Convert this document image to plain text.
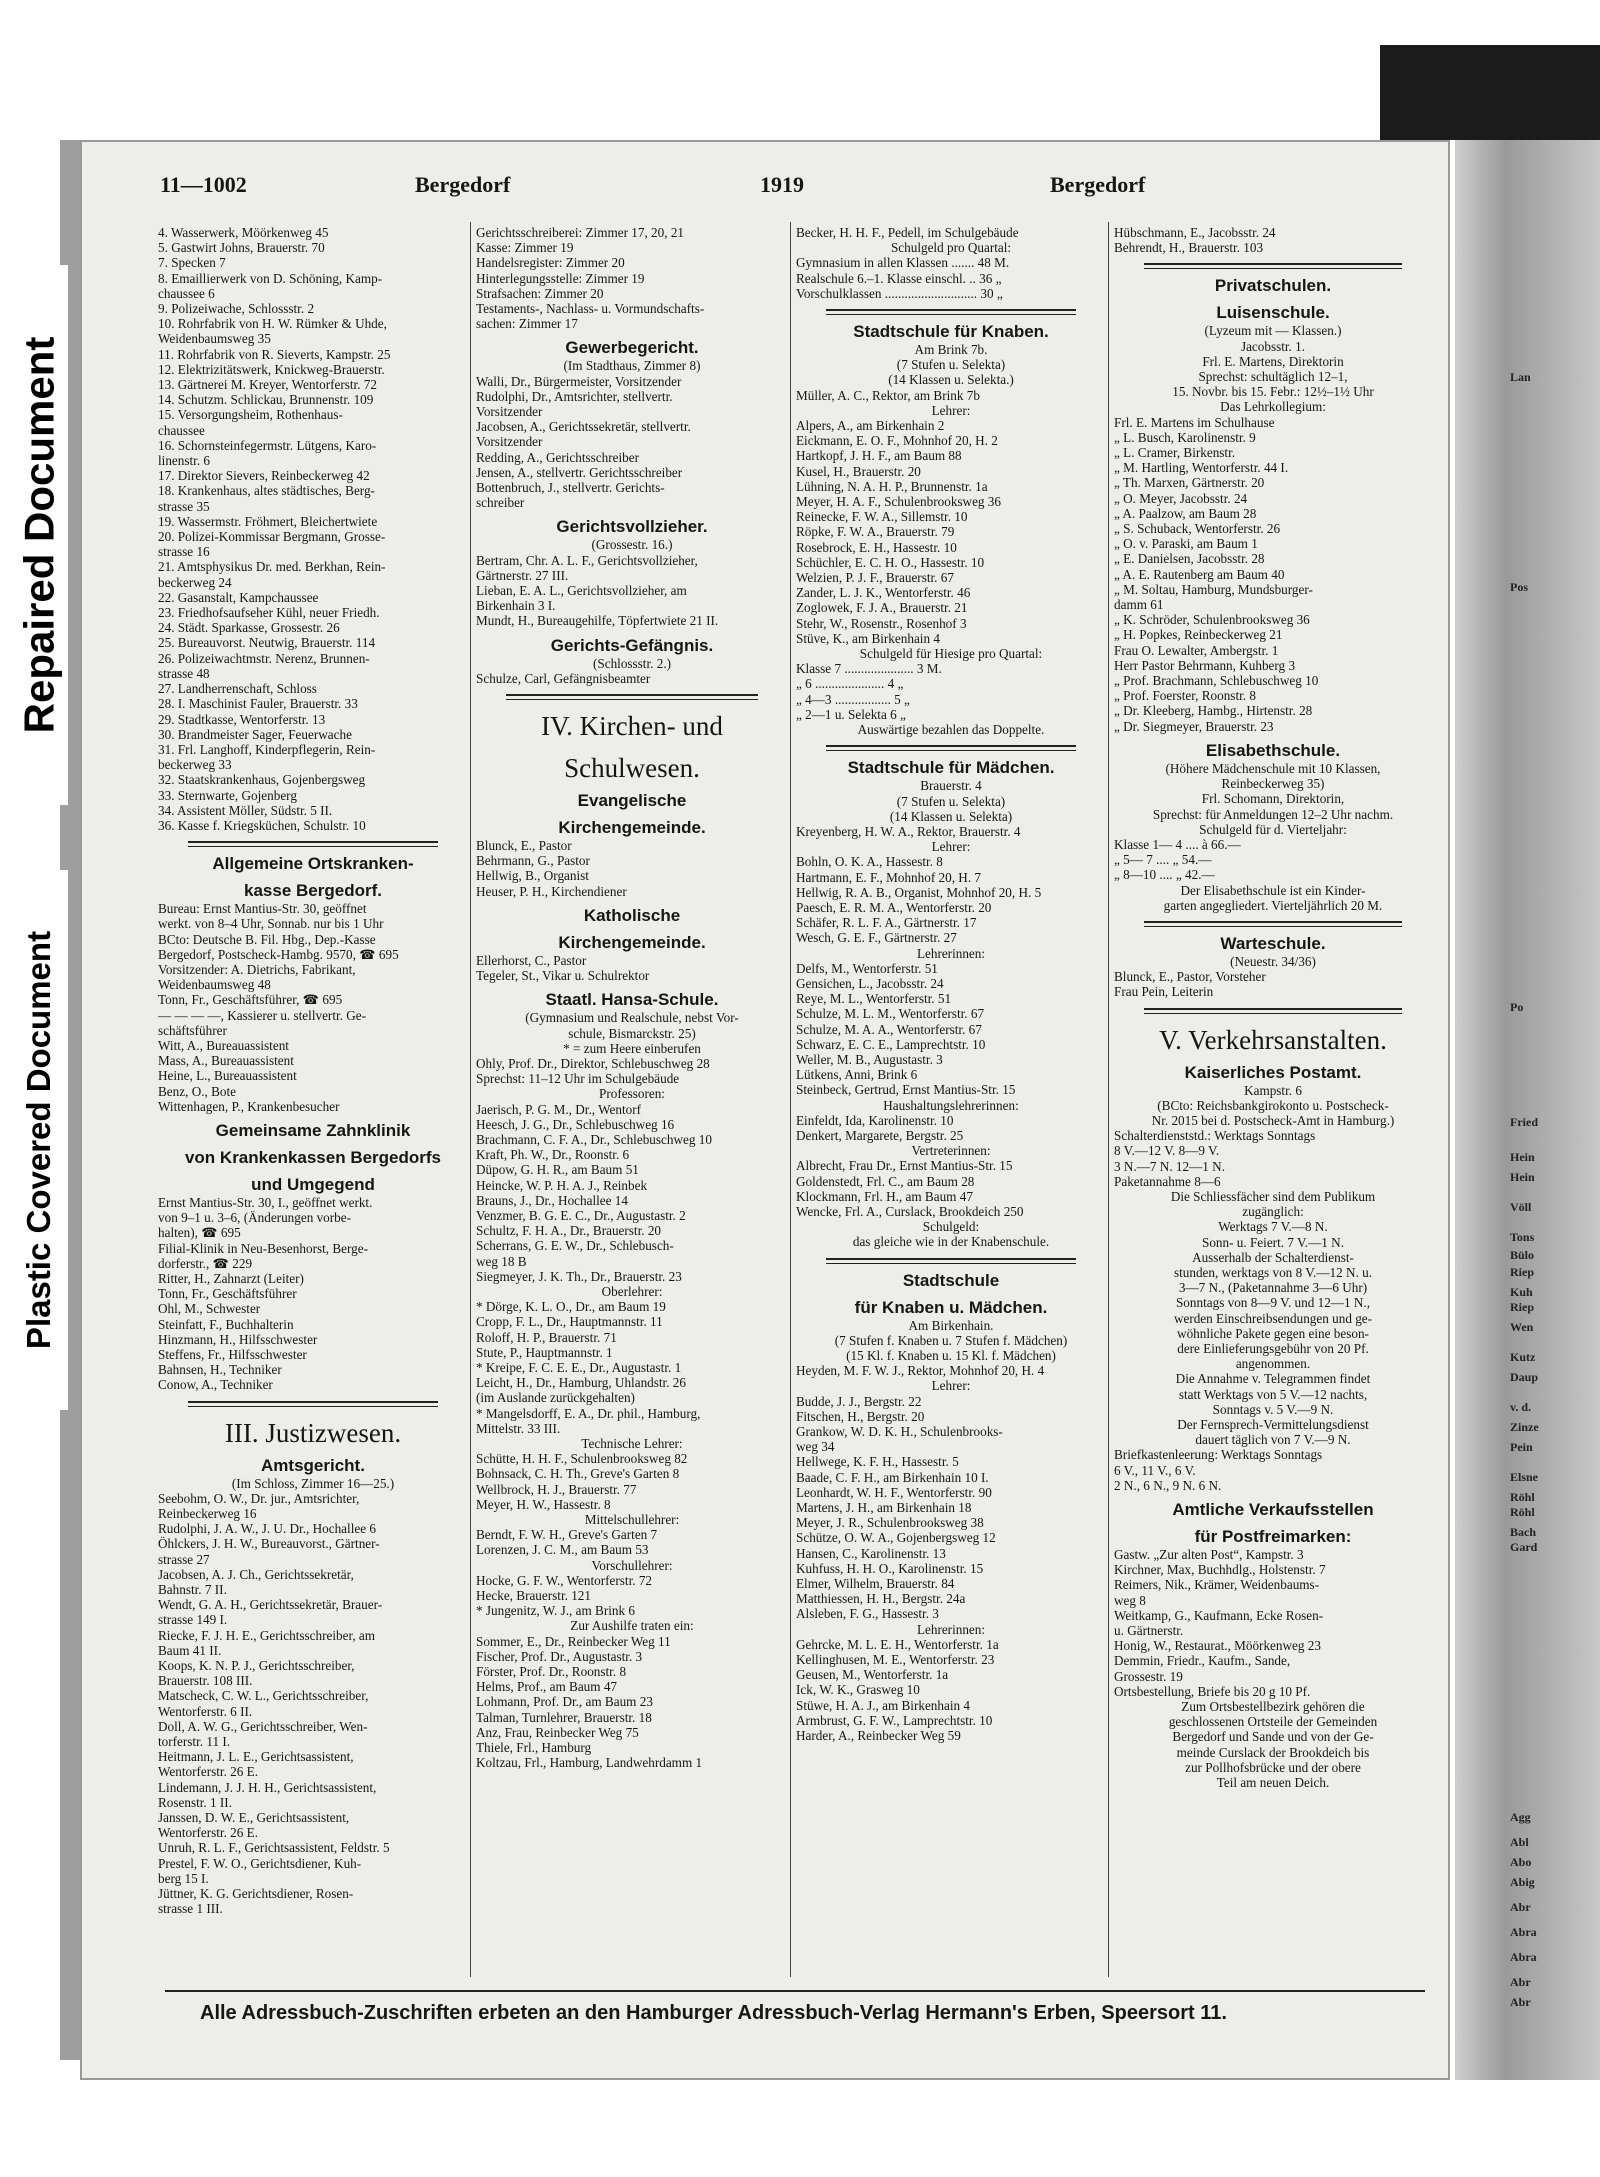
Repaired Document
Plastic Covered Document
11—1002	Bergedorf	1919	Bergedorf
4. Wasserwerk, Möörkenweg 45
5. Gastwirt Johns, Brauerstr. 70
7. Specken 7
8. Emaillierwerk von D. Schöning, Kamp-
chaussee 6
9. Polizeiwache, Schlossstr. 2
10. Rohrfabrik von H. W. Rümker & Uhde,
Weidenbaumsweg 35
11. Rohrfabrik von R. Sieverts, Kampstr. 25
12. Elektrizitätswerk, Knickweg-Brauerstr.
13. Gärtnerei M. Kreyer, Wentorferstr. 72
14. Schutzm. Schlickau, Brunnenstr. 109
15. Versorgungsheim, Rothenhaus-
chaussee
16. Schornsteinfegermstr. Lütgens, Karo-
linenstr. 6
17. Direktor Sievers, Reinbeckerweg 42
18. Krankenhaus, altes städtisches, Berg-
strasse 35
19. Wassermstr. Fröhmert, Bleichertwiete
20. Polizei-Kommissar Bergmann, Grosse-
strasse 16
21. Amtsphysikus Dr. med. Berkhan, Rein-
beckerweg 24
22. Gasanstalt, Kampchaussee
23. Friedhofsaufseher Kühl, neuer Friedh.
24. Städt. Sparkasse, Grossestr. 26
25. Bureauvorst. Neutwig, Brauerstr. 114
26. Polizeiwachtmstr. Nerenz, Brunnen-
strasse 48
27. Landherrenschaft, Schloss
28. I. Maschinist Fauler, Brauerstr. 33
29. Stadtkasse, Wentorferstr. 13
30. Brandmeister Sager, Feuerwache
31. Frl. Langhoff, Kinderpflegerin, Rein-
beckerweg 33
32. Staatskrankenhaus, Gojenbergsweg
33. Sternwarte, Gojenberg
34. Assistent Möller, Südstr. 5 II.
36. Kasse f. Kriegsküchen, Schulstr. 10
Allgemeine Ortskranken-
kasse Bergedorf.
Bureau: Ernst Mantius-Str. 30, geöffnet
werkt. von 8–4 Uhr, Sonnab. nur bis 1 Uhr
BCto: Deutsche B. Fil. Hbg., Dep.-Kasse
Bergedorf, Postscheck-Hambg. 9570, ☎ 695
Vorsitzender: A. Dietrichs, Fabrikant,
Weidenbaumsweg 48
Tonn, Fr., Geschäftsführer, ☎ 695
— — — —, Kassierer u. stellvertr. Ge-
schäftsführer
Witt, A., Bureauassistent
Mass, A., Bureauassistent
Heine, L., Bureauassistent
Benz, O., Bote
Wittenhagen, P., Krankenbesucher
Gemeinsame Zahnklinik
von Krankenkassen Bergedorfs
und Umgegend
Ernst Mantius-Str. 30, I., geöffnet werkt.
von 9–1 u. 3–6, (Änderungen vorbe-
halten), ☎ 695
Filial-Klinik in Neu-Besenhorst, Berge-
dorferstr., ☎ 229
Ritter, H., Zahnarzt (Leiter)
Tonn, Fr., Geschäftsführer
Ohl, M., Schwester
Steinfatt, F., Buchhalterin
Hinzmann, H., Hilfsschwester
Steffens, Fr., Hilfsschwester
Bahnsen, H., Techniker
Conow, A., Techniker
III. Justizwesen.
Amtsgericht.
(Im Schloss, Zimmer 16—25.)
Seebohm, O. W., Dr. jur., Amtsrichter,
Reinbeckerweg 16
Rudolphi, J. A. W., J. U. Dr., Hochallee 6
Öhlckers, J. H. W., Bureauvorst., Gärtner-
strasse 27
Jacobsen, A. J. Ch., Gerichtssekretär,
Bahnstr. 7 II.
Wendt, G. A. H., Gerichtssekretär, Brauer-
strasse 149 I.
Riecke, F. J. H. E., Gerichtsschreiber, am
Baum 41 II.
Koops, K. N. P. J., Gerichtsschreiber,
Brauerstr. 108 III.
Matscheck, C. W. L., Gerichtsschreiber,
Wentorferstr. 6 II.
Doll, A. W. G., Gerichtsschreiber, Wen-
torferstr. 11 I.
Heitmann, J. L. E., Gerichtsassistent,
Wentorferstr. 26 E.
Lindemann, J. J. H. H., Gerichtsassistent,
Rosenstr. 1 II.
Janssen, D. W. E., Gerichtsassistent,
Wentorferstr. 26 E.
Unruh, R. L. F., Gerichtsassistent, Feldstr. 5
Prestel, F. W. O., Gerichtsdiener, Kuh-
berg 15 I.
Jüttner, K. G. Gerichtsdiener, Rosen-
strasse 1 III.
Gerichtsschreiberei: Zimmer 17, 20, 21
Kasse: Zimmer 19
Handelsregister: Zimmer 20
Hinterlegungsstelle: Zimmer 19
Strafsachen: Zimmer 20
Testaments-, Nachlass- u. Vormundschafts-
sachen: Zimmer 17
Gewerbegericht.
(Im Stadthaus, Zimmer 8)
Walli, Dr., Bürgermeister, Vorsitzender
Rudolphi, Dr., Amtsrichter, stellvertr.
Vorsitzender
Jacobsen, A., Gerichtssekretär, stellvertr.
Vorsitzender
Redding, A., Gerichtsschreiber
Jensen, A., stellvertr. Gerichtsschreiber
Bottenbruch, J., stellvertr. Gerichts-
schreiber
Gerichtsvollzieher.
(Grossestr. 16.)
Bertram, Chr. A. L. F., Gerichtsvollzieher,
Gärtnerstr. 27 III.
Lieban, E. A. L., Gerichtsvollzieher, am
Birkenhain 3 I.
Mundt, H., Bureaugehilfe, Töpfertwiete 21 II.
Gerichts-Gefängnis.
(Schlossstr. 2.)
Schulze, Carl, Gefängnisbeamter
IV. Kirchen- und
Schulwesen.
Evangelische
Kirchengemeinde.
Blunck, E., Pastor
Behrmann, G., Pastor
Hellwig, B., Organist
Heuser, P. H., Kirchendiener
Katholische
Kirchengemeinde.
Ellerhorst, C., Pastor
Tegeler, St., Vikar u. Schulrektor
Staatl. Hansa-Schule.
(Gymnasium und Realschule, nebst Vor-
schule, Bismarckstr. 25)
* = zum Heere einberufen
Ohly, Prof. Dr., Direktor, Schlebuschweg 28
Sprechst: 11–12 Uhr im Schulgebäude
Professoren:
Jaerisch, P. G. M., Dr., Wentorf
Heesch, J. G., Dr., Schlebuschweg 16
Brachmann, C. F. A., Dr., Schlebuschweg 10
Kraft, Ph. W., Dr., Roonstr. 6
Düpow, G. H. R., am Baum 51
Heincke, W. P. H. A. J., Reinbek
Brauns, J., Dr., Hochallee 14
Venzmer, B. G. E. C., Dr., Augustastr. 2
Schultz, F. H. A., Dr., Brauerstr. 20
Scherrans, G. E. W., Dr., Schlebusch-
weg 18 B
Siegmeyer, J. K. Th., Dr., Brauerstr. 23
Oberlehrer:
* Dörge, K. L. O., Dr., am Baum 19
Cropp, F. L., Dr., Hauptmannstr. 11
Roloff, H. P., Brauerstr. 71
Stute, P., Hauptmannstr. 1
* Kreipe, F. C. E. E., Dr., Augustastr. 1
Leicht, H., Dr., Hamburg, Uhlandstr. 26
(im Auslande zurückgehalten)
* Mangelsdorff, E. A., Dr. phil., Hamburg,
Mittelstr. 33 III.
Technische Lehrer:
Schütte, H. H. F., Schulenbrooksweg 82
Bohnsack, C. H. Th., Greve's Garten 8
Wellbrock, H. J., Brauerstr. 77
Meyer, H. W., Hassestr. 8
Mittelschullehrer:
Berndt, F. W. H., Greve's Garten 7
Lorenzen, J. C. M., am Baum 53
Vorschullehrer:
Hocke, G. F. W., Wentorferstr. 72
Hecke, Brauerstr. 121
* Jungenitz, W. J., am Brink 6
Zur Aushilfe traten ein:
Sommer, E., Dr., Reinbecker Weg 11
Fischer, Prof. Dr., Augustastr. 3
Förster, Prof. Dr., Roonstr. 8
Helms, Prof., am Baum 47
Lohmann, Prof. Dr., am Baum 23
Talman, Turnlehrer, Brauerstr. 18
Anz, Frau, Reinbecker Weg 75
Thiele, Frl., Hamburg
Koltzau, Frl., Hamburg, Landwehrdamm 1
Becker, H. H. F., Pedell, im Schulgebäude
Schulgeld pro Quartal:
Gymnasium in allen Klassen ....... 48 M.
Realschule 6.–1. Klasse einschl. .. 36 „
Vorschulklassen ............................ 30 „
Stadtschule für Knaben.
Am Brink 7b.
(7 Stufen u. Selekta)
(14 Klassen u. Selekta.)
Müller, A. C., Rektor, am Brink 7b
Lehrer:
Alpers, A., am Birkenhain 2
Eickmann, E. O. F., Mohnhof 20, H. 2
Hartkopf, J. H. F., am Baum 88
Kusel, H., Brauerstr. 20
Lühning, N. A. H. P., Brunnenstr. 1a
Meyer, H. A. F., Schulenbrooksweg 36
Reinecke, F. W. A., Sillemstr. 10
Röpke, F. W. A., Brauerstr. 79
Rosebrock, E. H., Hassestr. 10
Schüchler, E. C. H. O., Hassestr. 10
Welzien, P. J. F., Brauerstr. 67
Zander, L. J. K., Wentorferstr. 46
Zoglowek, F. J. A., Brauerstr. 21
Stehr, W., Rosenstr., Rosenhof 3
Stüve, K., am Birkenhain 4
Schulgeld für Hiesige pro Quartal:
Klasse 7 ..................... 3 M.
„ 6 ..................... 4 „
„ 4—3 ................. 5 „
„ 2—1 u. Selekta 6 „
Auswärtige bezahlen das Doppelte.
Stadtschule für Mädchen.
Brauerstr. 4
(7 Stufen u. Selekta)
(14 Klassen u. Selekta)
Kreyenberg, H. W. A., Rektor, Brauerstr. 4
Lehrer:
Bohln, O. K. A., Hassestr. 8
Hartmann, E. F., Mohnhof 20, H. 7
Hellwig, R. A. B., Organist, Mohnhof 20, H. 5
Paesch, E. R. M. A., Wentorferstr. 20
Schäfer, R. L. F. A., Gärtnerstr. 17
Wesch, G. E. F., Gärtnerstr. 27
Lehrerinnen:
Delfs, M., Wentorferstr. 51
Gensichen, L., Jacobsstr. 24
Reye, M. L., Wentorferstr. 51
Schulze, M. L. M., Wentorferstr. 67
Schulze, M. A. A., Wentorferstr. 67
Schwarz, E. C. E., Lamprechtstr. 10
Weller, M. B., Augustastr. 3
Lütkens, Anni, Brink 6
Steinbeck, Gertrud, Ernst Mantius-Str. 15
Haushaltungslehrerinnen:
Einfeldt, Ida, Karolinenstr. 10
Denkert, Margarete, Bergstr. 25
Vertreterinnen:
Albrecht, Frau Dr., Ernst Mantius-Str. 15
Goldenstedt, Frl. C., am Baum 28
Klockmann, Frl. H., am Baum 47
Wencke, Frl. A., Curslack, Brookdeich 250
Schulgeld:
das gleiche wie in der Knabenschule.
Stadtschule
für Knaben u. Mädchen.
Am Birkenhain.
(7 Stufen f. Knaben u. 7 Stufen f. Mädchen)
(15 Kl. f. Knaben u. 15 Kl. f. Mädchen)
Heyden, M. F. W. J., Rektor, Mohnhof 20, H. 4
Lehrer:
Budde, J. J., Bergstr. 22
Fitschen, H., Bergstr. 20
Grankow, W. D. K. H., Schulenbrooks-
weg 34
Hellwege, K. F. H., Hassestr. 5
Baade, C. F. H., am Birkenhain 10 I.
Leonhardt, W. H. F., Wentorferstr. 90
Martens, J. H., am Birkenhain 18
Meyer, J. R., Schulenbrooksweg 38
Schütze, O. W. A., Gojenbergsweg 12
Hansen, C., Karolinenstr. 13
Kuhfuss, H. H. O., Karolinenstr. 15
Elmer, Wilhelm, Brauerstr. 84
Matthiessen, H. H., Bergstr. 24a
Alsleben, F. G., Hassestr. 3
Lehrerinnen:
Gehrcke, M. L. E. H., Wentorferstr. 1a
Kellinghusen, M. E., Wentorferstr. 23
Geusen, M., Wentorferstr. 1a
Ick, W. K., Grasweg 10
Stüwe, H. A. J., am Birkenhain 4
Armbrust, G. F. W., Lamprechtstr. 10
Harder, A., Reinbecker Weg 59
Hübschmann, E., Jacobsstr. 24
Behrendt, H., Brauerstr. 103
Privatschulen.
Luisenschule.
(Lyzeum mit — Klassen.)
Jacobsstr. 1.
Frl. E. Martens, Direktorin
Sprechst: schultäglich 12–1,
15. Novbr. bis 15. Febr.: 12½–1½ Uhr
Das Lehrkollegium:
Frl. E. Martens im Schulhause
„ L. Busch, Karolinenstr. 9
„ L. Cramer, Birkenstr.
„ M. Hartling, Wentorferstr. 44 I.
„ Th. Marxen, Gärtnerstr. 20
„ O. Meyer, Jacobsstr. 24
„ A. Paalzow, am Baum 28
„ S. Schuback, Wentorferstr. 26
„ O. v. Paraski, am Baum 1
„ E. Danielsen, Jacobsstr. 28
„ A. E. Rautenberg am Baum 40
„ M. Soltau, Hamburg, Mundsburger-
damm 61
„ K. Schröder, Schulenbrooksweg 36
„ H. Popkes, Reinbeckerweg 21
Frau O. Lewalter, Ambergstr. 1
Herr Pastor Behrmann, Kuhberg 3
„ Prof. Brachmann, Schlebuschweg 10
„ Prof. Foerster, Roonstr. 8
„ Dr. Kleeberg, Hambg., Hirtenstr. 28
„ Dr. Siegmeyer, Brauerstr. 23
Elisabethschule.
(Höhere Mädchenschule mit 10 Klassen,
Reinbeckerweg 35)
Frl. Schomann, Direktorin,
Sprechst: für Anmeldungen 12–2 Uhr nachm.
Schulgeld für d. Vierteljahr:
Klasse 1— 4 .... à 66.—
„ 5— 7 .... „ 54.—
„ 8—10 .... „ 42.—
Der Elisabethschule ist ein Kinder-
garten angegliedert. Vierteljährlich 20 M.
Warteschule.
(Neuestr. 34/36)
Blunck, E., Pastor, Vorsteher
Frau Pein, Leiterin
V. Verkehrsanstalten.
Kaiserliches Postamt.
Kampstr. 6
(BCto: Reichsbankgirokonto u. Postscheck-
Nr. 2015 bei d. Postscheck-Amt in Hamburg.)
Schalterdienststd.: Werktags Sonntags
8 V.—12 V. 8—9 V.
3 N.—7 N. 12—1 N.
Paketannahme 8—6
Die Schliessfächer sind dem Publikum
zugänglich:
Werktags 7 V.—8 N.
Sonn- u. Feiert. 7 V.—1 N.
Ausserhalb der Schalterdienst-
stunden, werktags von 8 V.—12 N. u.
3—7 N., (Paketannahme 3—6 Uhr)
Sonntags von 8—9 V. und 12—1 N.,
werden Einschreibsendungen und ge-
wöhnliche Pakete gegen eine beson-
dere Einlieferungsgebühr von 20 Pf.
angenommen.
Die Annahme v. Telegrammen findet
statt Werktags von 5 V.—12 nachts,
Sonntags v. 5 V.—9 N.
Der Fernsprech-Vermittelungsdienst
dauert täglich von 7 V.—9 N.
Briefkastenleerung: Werktags Sonntags
6 V., 11 V., 6 V.
2 N., 6 N., 9 N. 6 N.
Amtliche Verkaufsstellen
für Postfreimarken:
Gastw. „Zur alten Post“, Kampstr. 3
Kirchner, Max, Buchhdlg., Holstenstr. 7
Reimers, Nik., Krämer, Weidenbaums-
weg 8
Weitkamp, G., Kaufmann, Ecke Rosen-
u. Gärtnerstr.
Honig, W., Restaurat., Möörkenweg 23
Demmin, Friedr., Kaufm., Sande,
Grossestr. 19
Ortsbestellung, Briefe bis 20 g 10 Pf.
Zum Ortsbestellbezirk gehören die
geschlossenen Ortsteile der Gemeinden
Bergedorf und Sande und von der Ge-
meinde Curslack der Brookdeich bis
zur Pollhofsbrücke und der obere
Teil am neuen Deich.
Alle Adressbuch-Zuschriften erbeten an den Hamburger Adressbuch-Verlag Hermann's Erben, Speersort 11.
Lan
Pos
Po
Fried
Hein
Hein
Völl
Tons
Bülo
Riep
Kuh
Riep
Wen
Kutz
Daup
v. d.
Zinze
Pein
Elsne
Röhl
Röhl
Bach
Gard
Agg
Abl
Abo
Abig
Abr
Abra
Abra
Abr
Abr
